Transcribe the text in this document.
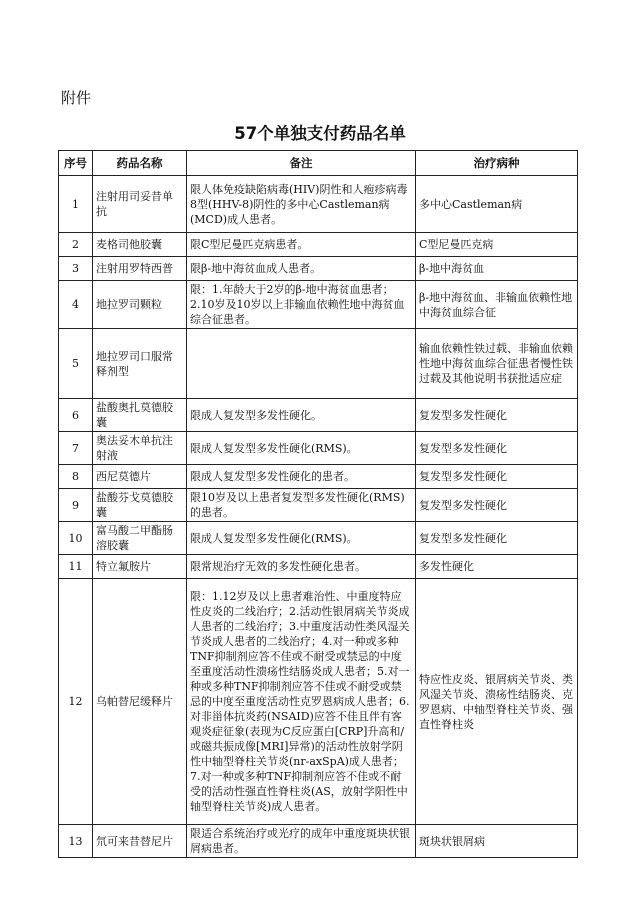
附件
57个单独支付药品名单
序号	药品名称	备注	治疗病种
1	注射用司妥昔单抗	限人体免疫缺陷病毒(HIV)阴性和人疱疹病毒8型(HHV-8)阴性的多中心Castleman病(MCD)成人患者。	多中心Castleman病
2	麦格司他胶囊	限C型尼曼匹克病患者。	C型尼曼匹克病
3	注射用罗特西普	限β-地中海贫血成人患者。	β-地中海贫血
4	地拉罗司颗粒	限：1.年龄大于2岁的β-地中海贫血患者；2.10岁及10岁以上非输血依赖性地中海贫血综合征患者。	β-地中海贫血、非输血依赖性地中海贫血综合征
5	地拉罗司口服常释剂型		输血依赖性铁过载、非输血依赖性地中海贫血综合征患者慢性铁过载及其他说明书获批适应症
6	盐酸奥扎莫德胶囊	限成人复发型多发性硬化。	复发型多发性硬化
7	奥法妥木单抗注射液	限成人复发型多发性硬化(RMS)。	复发型多发性硬化
8	西尼莫德片	限成人复发型多发性硬化的患者。	复发型多发性硬化
9	盐酸芬戈莫德胶囊	限10岁及以上患者复发型多发性硬化(RMS)的患者。	复发型多发性硬化
10	富马酸二甲酯肠溶胶囊	限成人复发型多发性硬化(RMS)。	复发型多发性硬化
11	特立氟胺片	限常规治疗无效的多发性硬化患者。	多发性硬化
12	乌帕替尼缓释片	限：1.12岁及以上患者难治性、中重度特应性皮炎的二线治疗；2.活动性银屑病关节炎成人患者的二线治疗；3.中重度活动性类风湿关节炎成人患者的二线治疗；4.对一种或多种TNF抑制剂应答不佳或不耐受或禁忌的中度至重度活动性溃疡性结肠炎成人患者；5.对一种或多种TNF抑制剂应答不佳或不耐受或禁忌的中度至重度活动性克罗恩病成人患者；6.对非甾体抗炎药(NSAID)应答不佳且伴有客观炎症征象(表现为C反应蛋白[CRP]升高和/或磁共振成像[MRI]异常)的活动性放射学阴性中轴型脊柱关节炎(nr-axSpA)成人患者；7.对一种或多种TNF抑制剂应答不佳或不耐受的活动性强直性脊柱炎(AS，放射学阳性中轴型脊柱关节炎)成人患者。	特应性皮炎、银屑病关节炎、类风湿关节炎、溃疡性结肠炎、克罗恩病、中轴型脊柱关节炎、强直性脊柱炎
13	氘可来昔替尼片	限适合系统治疗或光疗的成年中重度斑块状银屑病患者。	斑块状银屑病
